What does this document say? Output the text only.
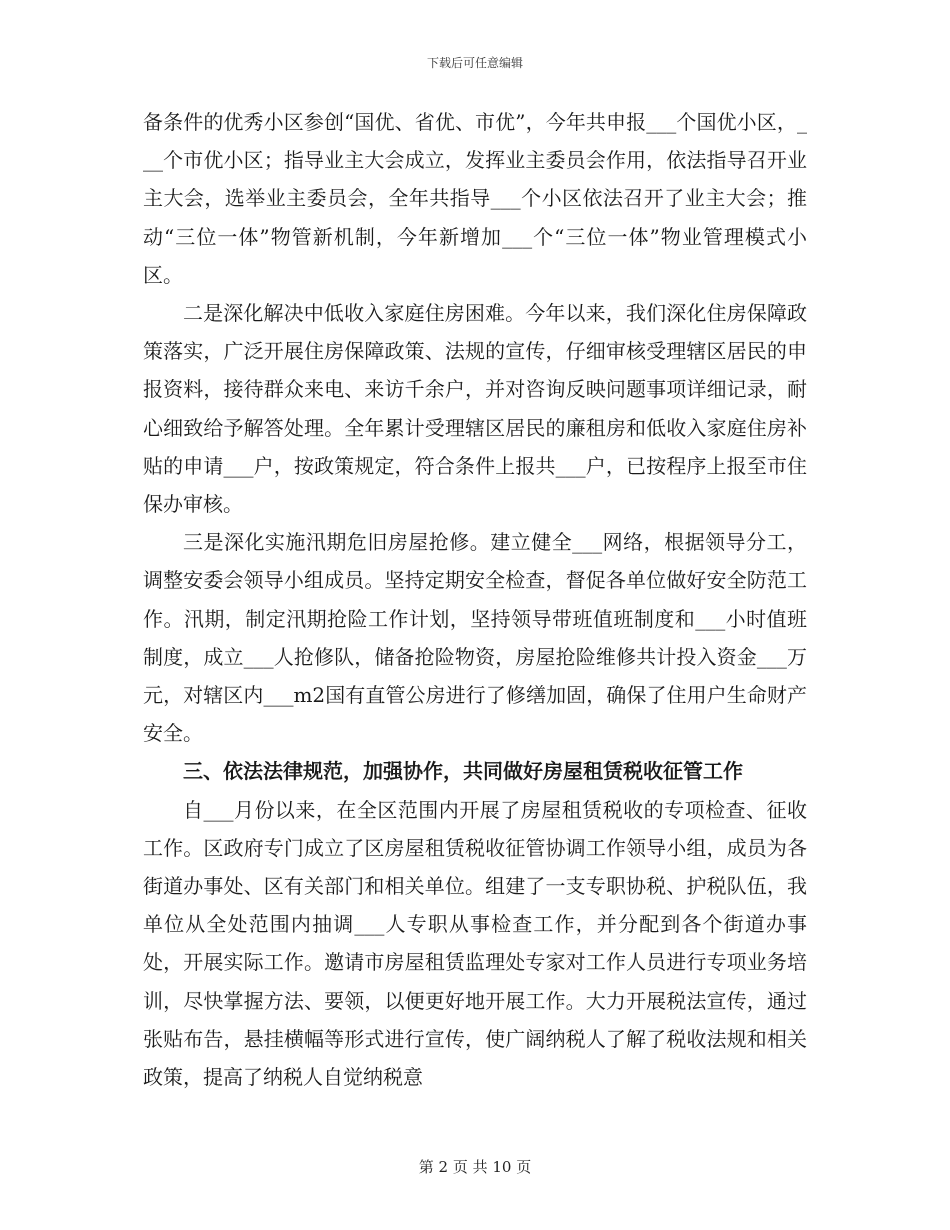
下载后可任意编辑

备条件的优秀小区参创“国优、省优、市优”，今年共申报___个国优小区，___个市优小区；指导业主大会成立，发挥业主委员会作用，依法指导召开业主大会，选举业主委员会，全年共指导___个小区依法召开了业主大会；推动“三位一体”物管新机制，今年新增加___个“三位一体”物业管理模式小区。

二是深化解决中低收入家庭住房困难。今年以来，我们深化住房保障政策落实，广泛开展住房保障政策、法规的宣传，仔细审核受理辖区居民的申报资料，接待群众来电、来访千余户，并对咨询反映问题事项详细记录，耐心细致给予解答处理。全年累计受理辖区居民的廉租房和低收入家庭住房补贴的申请___户，按政策规定，符合条件上报共___户，已按程序上报至市住保办审核。

三是深化实施汛期危旧房屋抢修。建立健全___网络，根据领导分工，调整安委会领导小组成员。坚持定期安全检查，督促各单位做好安全防范工作。汛期，制定汛期抢险工作计划，坚持领导带班值班制度和___小时值班制度，成立___人抢修队，储备抢险物资，房屋抢险维修共计投入资金___万元，对辖区内___m2国有直管公房进行了修缮加固，确保了住用户生命财产安全。

三、依法法律规范，加强协作，共同做好房屋租赁税收征管工作

自___月份以来，在全区范围内开展了房屋租赁税收的专项检查、征收工作。区政府专门成立了区房屋租赁税收征管协调工作领导小组，成员为各街道办事处、区有关部门和相关单位。组建了一支专职协税、护税队伍，我单位从全处范围内抽调___人专职从事检查工作，并分配到各个街道办事处，开展实际工作。邀请市房屋租赁监理处专家对工作人员进行专项业务培训，尽快掌握方法、要领，以便更好地开展工作。大力开展税法宣传，通过张贴布告，悬挂横幅等形式进行宣传，使广阔纳税人了解了税收法规和相关政策，提高了纳税人自觉纳税意

第 2 页 共 10 页
